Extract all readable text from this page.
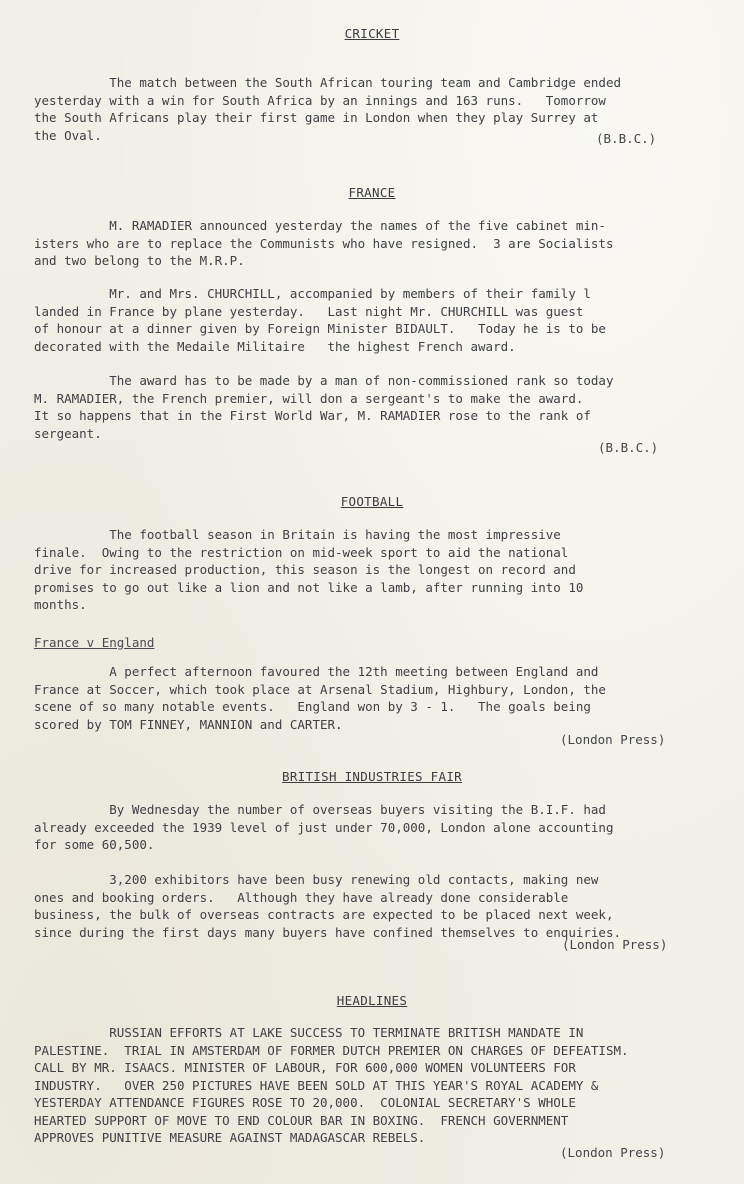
CRICKET
The match between the South African touring team and Cambridge ended
yesterday with a win for South Africa by an innings and 163 runs.   Tomorrow
the South Africans play their first game in London when they play Surrey at
the Oval.	(B.B.C.)
FRANCE
M. RAMADIER announced yesterday the names of the five cabinet min-
isters who are to replace the Communists who have resigned.  3 are Socialists
and two belong to the M.R.P.
Mr. and Mrs. CHURCHILL, accompanied by members of their family l
landed in France by plane yesterday.   Last night Mr. CHURCHILL was guest
of honour at a dinner given by Foreign Minister BIDAULT.   Today he is to be
decorated with the Medaile Militaire   the highest French award.
The award has to be made by a man of non-commissioned rank so today
M. RAMADIER, the French premier, will don a sergeant's to make the award.
It so happens that in the First World War, M. RAMADIER rose to the rank of
sergeant.
(B.B.C.)
FOOTBALL
The football season in Britain is having the most impressive
finale.  Owing to the restriction on mid-week sport to aid the national
drive for increased production, this season is the longest on record and
promises to go out like a lion and not like a lamb, after running into 10
months.
France v England
A perfect afternoon favoured the 12th meeting between England and
France at Soccer, which took place at Arsenal Stadium, Highbury, London, the
scene of so many notable events.   England won by 3 - 1.   The goals being
scored by TOM FINNEY, MANNION and CARTER.
(London Press)
BRITISH INDUSTRIES FAIR
By Wednesday the number of overseas buyers visiting the B.I.F. had
already exceeded the 1939 level of just under 70,000, London alone accounting
for some 60,500.
3,200 exhibitors have been busy renewing old contacts, making new
ones and booking orders.   Although they have already done considerable
business, the bulk of overseas contracts are expected to be placed next week,
since during the first days many buyers have confined themselves to enquiries.
(London Press)
HEADLINES
RUSSIAN EFFORTS AT LAKE SUCCESS TO TERMINATE BRITISH MANDATE IN
PALESTINE.  TRIAL IN AMSTERDAM OF FORMER DUTCH PREMIER ON CHARGES OF DEFEATISM.
CALL BY MR. ISAACS. MINISTER OF LABOUR, FOR 600,000 WOMEN VOLUNTEERS FOR
INDUSTRY.   OVER 250 PICTURES HAVE BEEN SOLD AT THIS YEAR'S ROYAL ACADEMY &
YESTERDAY ATTENDANCE FIGURES ROSE TO 20,000.  COLONIAL SECRETARY'S WHOLE
HEARTED SUPPORT OF MOVE TO END COLOUR BAR IN BOXING.  FRENCH GOVERNMENT
APPROVES PUNITIVE MEASURE AGAINST MADAGASCAR REBELS.
(London Press)
